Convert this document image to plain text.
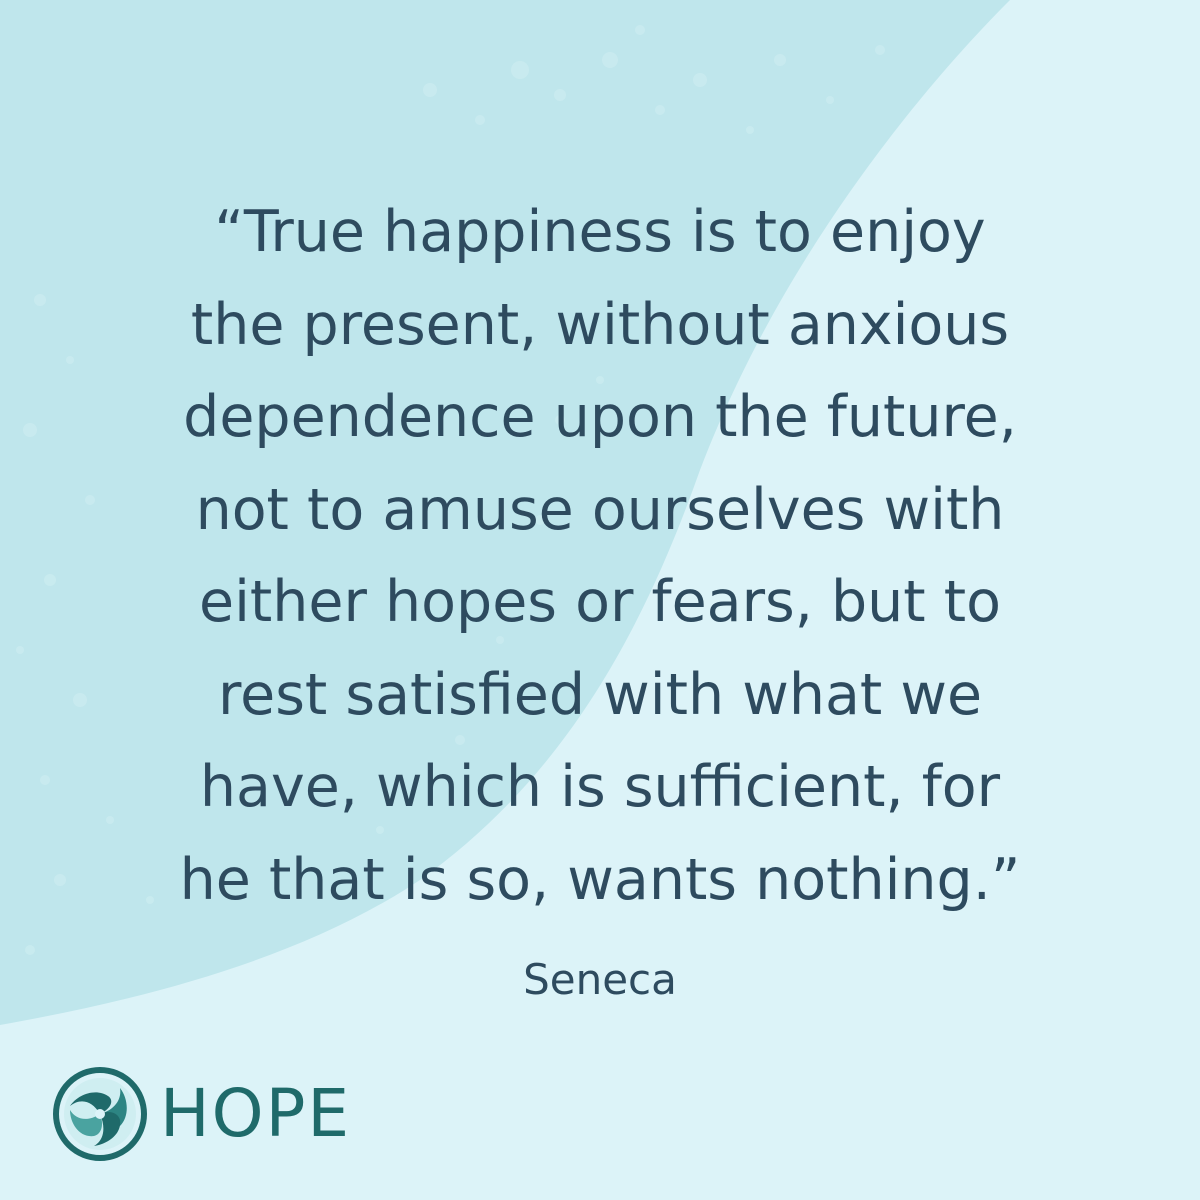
“True happiness is to enjoy
the present, without anxious
dependence upon the future,
not to amuse ourselves with
either hopes or fears, but to
rest satisfied with what we
have, which is sufficient, for
he that is so, wants nothing.”
Seneca
HOPE
